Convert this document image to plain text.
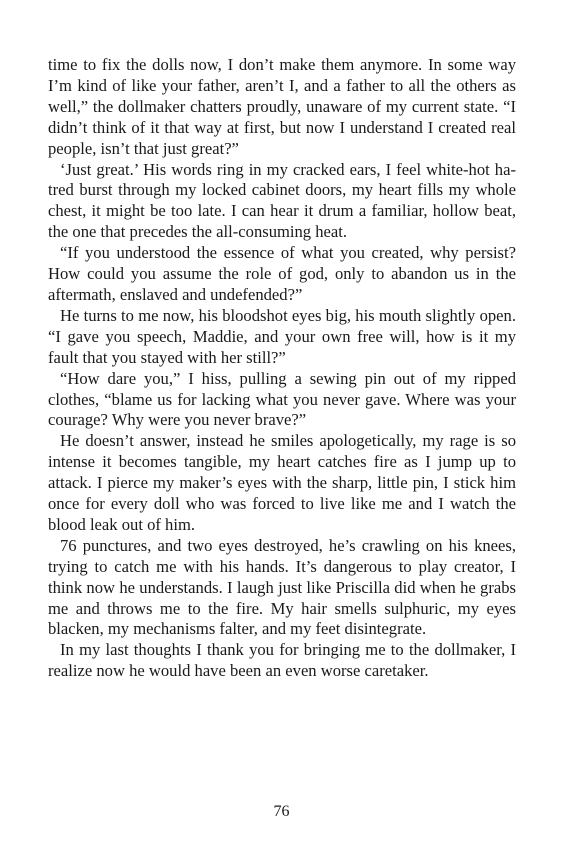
time to fix the dolls now, I don’t make them anymore. In some way I’m kind of like your father, aren’t I, and a father to all the others as well,” the dollmaker chatters proudly, unaware of my current state. “I didn’t think of it that way at first, but now I understand I created real people, isn’t that just great?”

‘Just great.’ His words ring in my cracked ears, I feel white-hot hatred burst through my locked cabinet doors, my heart fills my whole chest, it might be too late. I can hear it drum a familiar, hollow beat, the one that precedes the all-consuming heat.

“If you understood the essence of what you created, why persist? How could you assume the role of god, only to abandon us in the aftermath, enslaved and undefended?”

He turns to me now, his bloodshot eyes big, his mouth slightly open. “I gave you speech, Maddie, and your own free will, how is it my fault that you stayed with her still?”

“How dare you,” I hiss, pulling a sewing pin out of my ripped clothes, “blame us for lacking what you never gave. Where was your courage? Why were you never brave?”

He doesn’t answer, instead he smiles apologetically, my rage is so intense it becomes tangible, my heart catches fire as I jump up to attack. I pierce my maker’s eyes with the sharp, little pin, I stick him once for every doll who was forced to live like me and I watch the blood leak out of him.

76 punctures, and two eyes destroyed, he’s crawling on his knees, trying to catch me with his hands. It’s dangerous to play creator, I think now he understands. I laugh just like Priscilla did when he grabs me and throws me to the fire. My hair smells sulphuric, my eyes blacken, my mechanisms falter, and my feet disintegrate.

In my last thoughts I thank you for bringing me to the dollmaker, I realize now he would have been an even worse caretaker.

76
